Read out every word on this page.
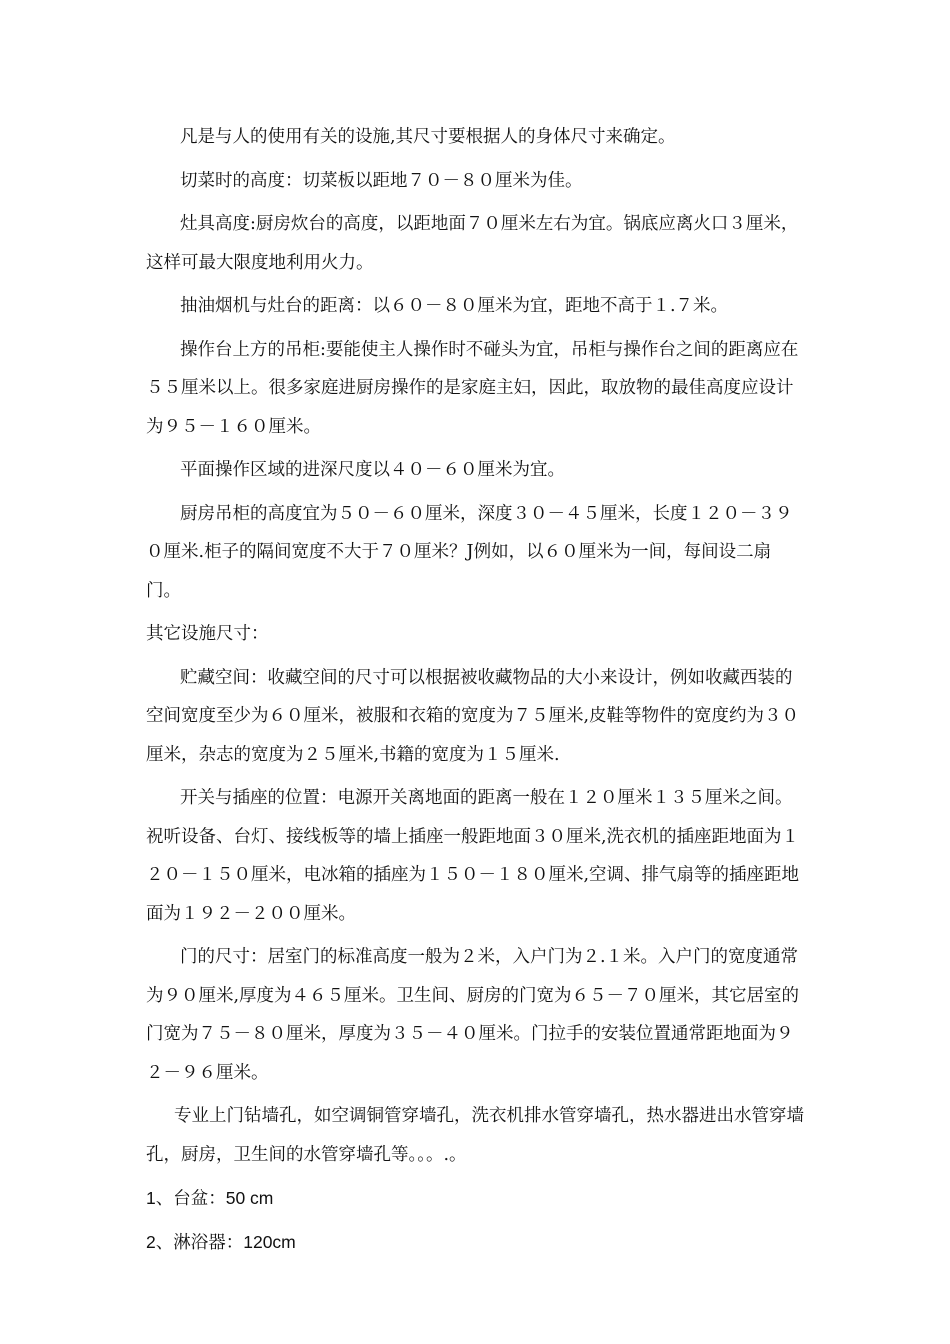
凡是与人的使用有关的设施,其尺寸要根据人的身体尺寸来确定。

切菜时的高度：切菜板以距地７０－８０厘米为佳。

灶具高度:厨房炊台的高度，以距地面７０厘米左右为宜。锅底应离火口３厘米，这样可最大限度地利用火力。

抽油烟机与灶台的距离：以６０－８０厘米为宜，距地不高于１.７米。

操作台上方的吊柜:要能使主人操作时不碰头为宜，吊柜与操作台之间的距离应在５５厘米以上。很多家庭进厨房操作的是家庭主妇，因此，取放物的最佳高度应设计为９５－１６０厘米。

平面操作区域的进深尺度以４０－６０厘米为宜。

厨房吊柜的高度宜为５０－６０厘米，深度３０－４５厘米，长度１２０－３９０厘米.柜子的隔间宽度不大于７０厘米？J例如，以６０厘米为一间，每间设二扇门。

其它设施尺寸：

贮藏空间：收藏空间的尺寸可以根据被收藏物品的大小来设计，例如收藏西装的空间宽度至少为６０厘米，被服和衣箱的宽度为７５厘米,皮鞋等物件的宽度约为３０厘米，杂志的宽度为２５厘米,书籍的宽度为１５厘米.

开关与插座的位置：电源开关离地面的距离一般在１２０厘米１３５厘米之间。祝听设备、台灯、接线板等的墙上插座一般距地面３０厘米,洗衣机的插座距地面为１２０－１５０厘米，电冰箱的插座为１５０－１８０厘米,空调、排气扇等的插座距地面为１９２－２００厘米。

门的尺寸：居室门的标准高度一般为２米，入户门为２.１米。入户门的宽度通常为９０厘米,厚度为４６５厘米。卫生间、厨房的门宽为６５－７０厘米，其它居室的门宽为７５－８０厘米，厚度为３５－４０厘米。门拉手的安装位置通常距地面为９２－９６厘米。

专业上门钻墙孔，如空调铜管穿墙孔，洗衣机排水管穿墙孔，热水器进出水管穿墙孔，厨房，卫生间的水管穿墙孔等。。。.。

1、台盆：50 cm

2、淋浴器：120cm
